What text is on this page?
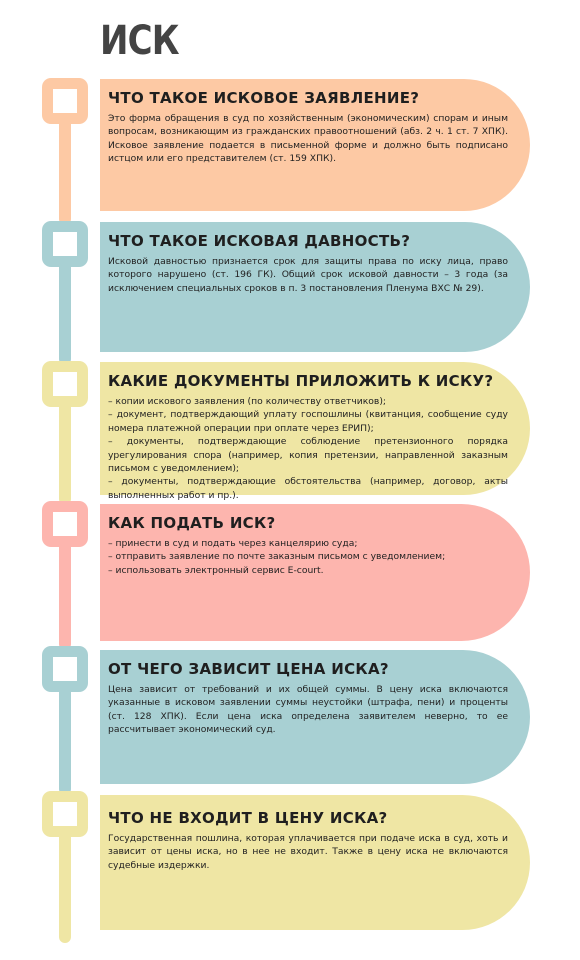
ИСК
ЧТО ТАКОЕ ИСКОВОЕ ЗАЯВЛЕНИЕ?

Это форма обращения в суд по хозяйственным (экономическим) спорам и иным вопросам, возникающим из гражданских правоотношений (абз. 2 ч. 1 ст. 7 ХПК). Исковое заявление подается в письменной форме и должно быть подписано истцом или его представителем (ст. 159 ХПК).

ЧТО ТАКОЕ ИСКОВАЯ ДАВНОСТЬ?

Исковой давностью признается срок для защиты права по иску лица, право которого нарушено (ст. 196 ГК). Общий срок исковой давности – 3 года (за исключением специальных сроков в п. 3 постановления Пленума ВХС № 29).

КАКИЕ ДОКУМЕНТЫ ПРИЛОЖИТЬ К ИСКУ?
– копии искового заявления (по количеству ответчиков);
– документ, подтверждающий уплату госпошлины (квитанция, сообщение суду номера платежной операции при оплате через ЕРИП);
– документы, подтверждающие соблюдение претензионного порядка урегулирования спора (например, копия претензии, направленной заказным письмом с уведомлением);
– документы, подтверждающие обстоятельства (например, договор, акты выполненных работ и пр.).
КАК ПОДАТЬ ИСК?
– принести в суд и подать через канцелярию суда;
– отправить заявление по почте заказным письмом с уведомлением;
– использовать электронный сервис E-court.
ОТ ЧЕГО ЗАВИСИТ ЦЕНА ИСКА?

Цена зависит от требований и их общей суммы. В цену иска включаются указанные в исковом заявлении суммы неустойки (штрафа, пени) и проценты (ст. 128 ХПК). Если цена иска определена заявителем неверно, то ее рассчитывает экономический суд.

ЧТО НЕ ВХОДИТ В ЦЕНУ ИСКА?

Государственная пошлина, которая уплачивается при подаче иска в суд, хоть и зависит от цены иска, но в нее не входит. Также в цену иска не включаются судебные издержки.
